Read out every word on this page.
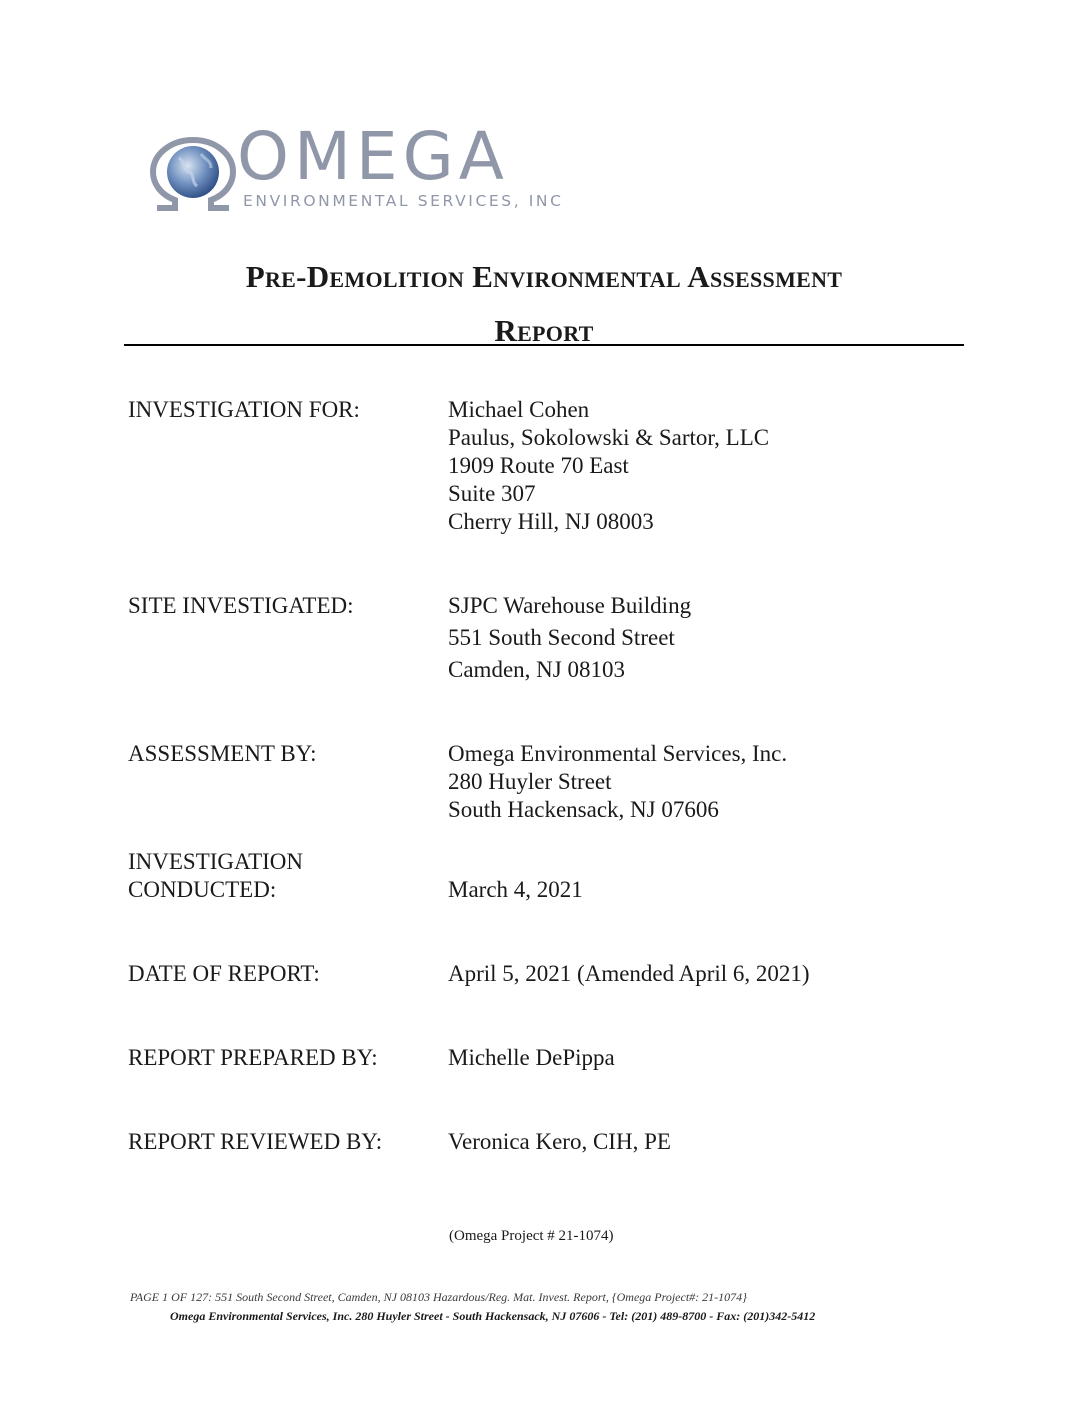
OMEGA
ENVIRONMENTAL SERVICES, INC
Pre-Demolition Environmental Assessment
Report
INVESTIGATION FOR:	Michael Cohen
Paulus, Sokolowski & Sartor, LLC
1909 Route 70 East
Suite 307
Cherry Hill, NJ 08003
SITE INVESTIGATED:	SJPC Warehouse Building
551 South Second Street
Camden, NJ 08103
ASSESSMENT BY:	Omega Environmental Services, Inc.
280 Huyler Street
South Hackensack, NJ 07606
INVESTIGATION
CONDUCTED:	March 4, 2021
DATE OF REPORT:	April 5, 2021 (Amended April 6, 2021)
REPORT PREPARED BY:	Michelle DePippa
REPORT REVIEWED BY:	Veronica Kero, CIH, PE
(Omega Project # 21-1074)
PAGE 1 OF 127: 551 South Second Street, Camden, NJ 08103 Hazardous/Reg. Mat. Invest. Report, {Omega Project#: 21-1074}
Omega Environmental Services, Inc. 280 Huyler Street - South Hackensack, NJ 07606 - Tel: (201) 489-8700 - Fax: (201)342-5412
